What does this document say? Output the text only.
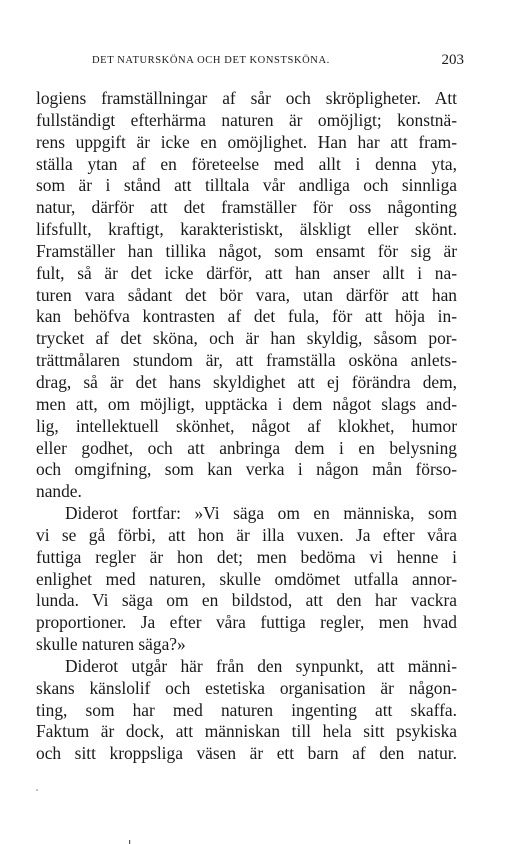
DET NATURSKÖNA OCH DET KONSTSKÖNA.	203
logiens framställningar af sår och skröpligheter. Att
fullständigt efterhärma naturen är omöjligt; konstnä-
rens uppgift är icke en omöjlighet. Han har att fram-
ställa ytan af en företeelse med allt i denna yta,
som är i stånd att tilltala vår andliga och sinnliga
natur, därför att det framställer för oss någonting
lifsfullt, kraftigt, karakteristiskt, älskligt eller skönt.
Framställer han tillika något, som ensamt för sig är
fult, så är det icke därför, att han anser allt i na-
turen vara sådant det bör vara, utan därför att han
kan behöfva kontrasten af det fula, för att höja in-
trycket af det sköna, och är han skyldig, såsom por-
trättmålaren stundom är, att framställa osköna anlets-
drag, så är det hans skyldighet att ej förändra dem,
men att, om möjligt, upptäcka i dem något slags and-
lig, intellektuell skönhet, något af klokhet, humor
eller godhet, och att anbringa dem i en belysning
och omgifning, som kan verka i någon mån förso-
nande.
Diderot fortfar: »Vi säga om en människa, som
vi se gå förbi, att hon är illa vuxen. Ja efter våra
futtiga regler är hon det; men bedöma vi henne i
enlighet med naturen, skulle omdömet utfalla annor-
lunda. Vi säga om en bildstod, att den har vackra
proportioner. Ja efter våra futtiga regler, men hvad
skulle naturen säga?»
Diderot utgår här från den synpunkt, att männi-
skans känslolif och estetiska organisation är någon-
ting, som har med naturen ingenting att skaffa.
Faktum är dock, att människan till hela sitt psykiska
och sitt kroppsliga väsen är ett barn af den natur.
